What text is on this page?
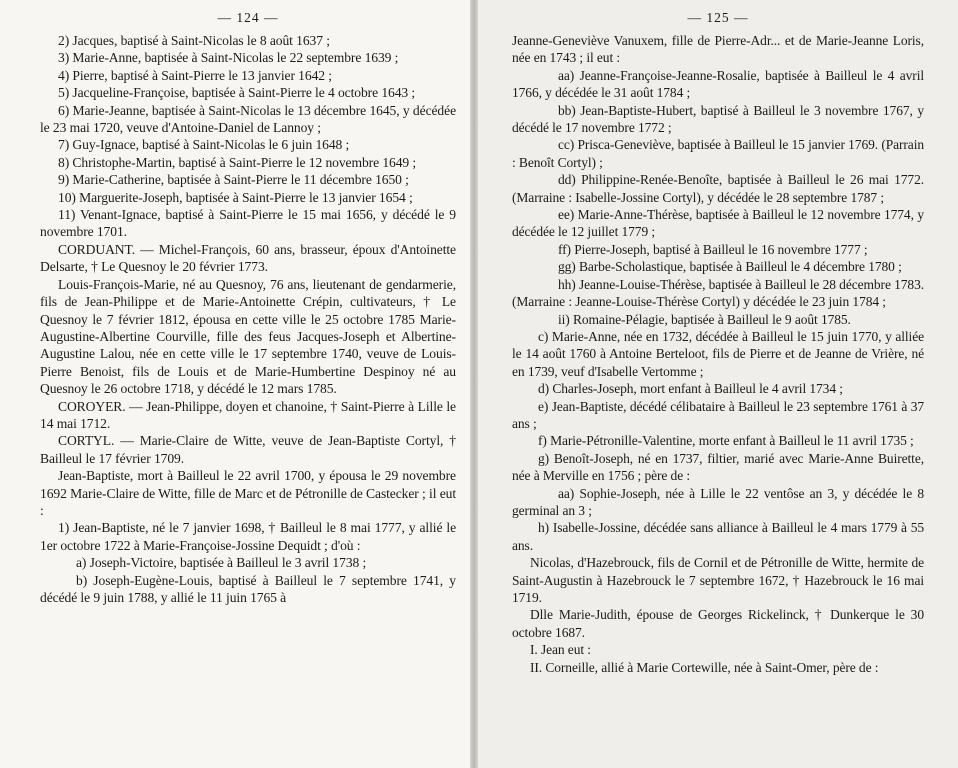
— 124 —

2) Jacques, baptisé à Saint-Nicolas le 8 août 1637 ;

3) Marie-Anne, baptisée à Saint-Nicolas le 22 septembre 1639 ;

4) Pierre, baptisé à Saint-Pierre le 13 janvier 1642 ;

5) Jacqueline-Françoise, baptisée à Saint-Pierre le 4 octobre 1643 ;

6) Marie-Jeanne, baptisée à Saint-Nicolas le 13 décembre 1645, y décédée le 23 mai 1720, veuve d'Antoine-Daniel de Lannoy ;

7) Guy-Ignace, baptisé à Saint-Nicolas le 6 juin 1648 ;

8) Christophe-Martin, baptisé à Saint-Pierre le 12 novembre 1649 ;

9) Marie-Catherine, baptisée à Saint-Pierre le 11 décembre 1650 ;

10) Marguerite-Joseph, baptisée à Saint-Pierre le 13 janvier 1654 ;

11) Venant-Ignace, baptisé à Saint-Pierre le 15 mai 1656, y décédé le 9 novembre 1701.

CORDUANT. — Michel-François, 60 ans, brasseur, époux d'Antoinette Delsarte, † Le Quesnoy le 20 février 1773.

Louis-François-Marie, né au Quesnoy, 76 ans, lieutenant de gendarmerie, fils de Jean-Philippe et de Marie-Antoinette Crépin, cultivateurs, † Le Quesnoy le 7 février 1812, épousa en cette ville le 25 octobre 1785 Marie-Augustine-Albertine Courville, fille des feus Jacques-Joseph et Albertine-Augustine Lalou, née en cette ville le 17 septembre 1740, veuve de Louis-Pierre Benoist, fils de Louis et de Marie-Humbertine Despinoy né au Quesnoy le 26 octobre 1718, y décédé le 12 mars 1785.

COROYER. — Jean-Philippe, doyen et chanoine, † Saint-Pierre à Lille le 14 mai 1712.

CORTYL. — Marie-Claire de Witte, veuve de Jean-Baptiste Cortyl, † Bailleul le 17 février 1709.

Jean-Baptiste, mort à Bailleul le 22 avril 1700, y épousa le 29 novembre 1692 Marie-Claire de Witte, fille de Marc et de Pétronille de Castecker ; il eut :

1) Jean-Baptiste, né le 7 janvier 1698, † Bailleul le 8 mai 1777, y allié le 1er octobre 1722 à Marie-Françoise-Jossine Dequidt ; d'où :

a) Joseph-Victoire, baptisée à Bailleul le 3 avril 1738 ;

b) Joseph-Eugène-Louis, baptisé à Bailleul le 7 septembre 1741, y décédé le 9 juin 1788, y allié le 11 juin 1765 à

— 125 —

Jeanne-Geneviève Vanuxem, fille de Pierre-Adr... et de Marie-Jeanne Loris, née en 1743 ; il eut :

aa) Jeanne-Françoise-Jeanne-Rosalie, baptisée à Bailleul le 4 avril 1766, y décédée le 31 août 1784 ;

bb) Jean-Baptiste-Hubert, baptisé à Bailleul le 3 novembre 1767, y décédé le 17 novembre 1772 ;

cc) Prisca-Geneviève, baptisée à Bailleul le 15 janvier 1769. (Parrain : Benoît Cortyl) ;

dd) Philippine-Renée-Benoîte, baptisée à Bailleul le 26 mai 1772. (Marraine : Isabelle-Jossine Cortyl), y décédée le 28 septembre 1787 ;

ee) Marie-Anne-Thérèse, baptisée à Bailleul le 12 novembre 1774, y décédée le 12 juillet 1779 ;

ff) Pierre-Joseph, baptisé à Bailleul le 16 novembre 1777 ;

gg) Barbe-Scholastique, baptisée à Bailleul le 4 décembre 1780 ;

hh) Jeanne-Louise-Thérèse, baptisée à Bailleul le 28 décembre 1783. (Marraine : Jeanne-Louise-Thérèse Cortyl) y décédée le 23 juin 1784 ;

ii) Romaine-Pélagie, baptisée à Bailleul le 9 août 1785.

c) Marie-Anne, née en 1732, décédée à Bailleul le 15 juin 1770, y alliée le 14 août 1760 à Antoine Berteloot, fils de Pierre et de Jeanne de Vrière, né en 1739, veuf d'Isabelle Vertomme ;

d) Charles-Joseph, mort enfant à Bailleul le 4 avril 1734 ;

e) Jean-Baptiste, décédé célibataire à Bailleul le 23 septembre 1761 à 37 ans ;

f) Marie-Pétronille-Valentine, morte enfant à Bailleul le 11 avril 1735 ;

g) Benoît-Joseph, né en 1737, filtier, marié avec Marie-Anne Buirette, née à Merville en 1756 ; père de :

aa) Sophie-Joseph, née à Lille le 22 ventôse an 3, y décédée le 8 germinal an 3 ;

h) Isabelle-Jossine, décédée sans alliance à Bailleul le 4 mars 1779 à 55 ans.

Nicolas, d'Hazebrouck, fils de Cornil et de Pétronille de Witte, hermite de Saint-Augustin à Hazebrouck le 7 septembre 1672, † Hazebrouck le 16 mai 1719.

Dlle Marie-Judith, épouse de Georges Rickelinck, † Dunkerque le 30 octobre 1687.

I. Jean eut :

II. Corneille, allié à Marie Cortewille, née à Saint-Omer, père de :
